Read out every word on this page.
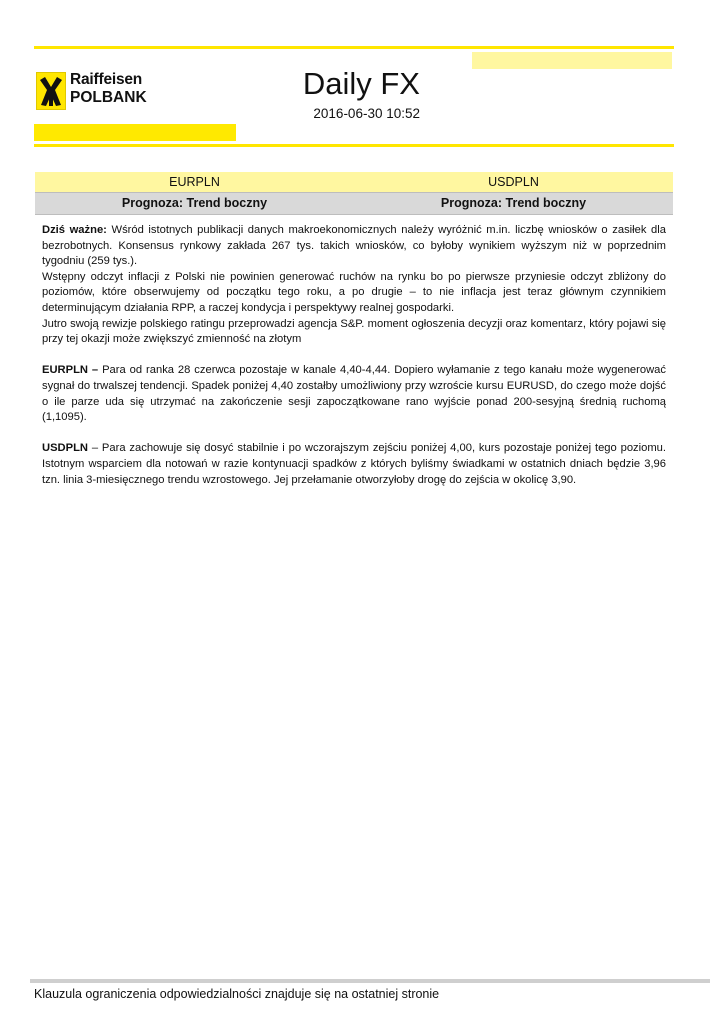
Raiffeisen
POLBANK	Daily FX
2016-06-30 10:52
EURPLN	USDPLN
Prognoza: Trend boczny	Prognoza: Trend boczny

Dziś ważne: Wśród istotnych publikacji danych makroekonomicznych należy wyróżnić m.in. liczbę wniosków o zasiłek dla bezrobotnych. Konsensus rynkowy zakłada 267 tys. takich wniosków, co byłoby wynikiem wyższym niż w poprzednim tygodniu (259 tys.).

Wstępny odczyt inflacji z Polski nie powinien generować ruchów na rynku bo po pierwsze przyniesie odczyt zbliżony do poziomów, które obserwujemy od początku tego roku, a po drugie – to nie inflacja jest teraz głównym czynnikiem determinującym działania RPP, a raczej kondycja i perspektywy realnej gospodarki.

Jutro swoją rewizje polskiego ratingu przeprowadzi agencja S&P. moment ogłoszenia decyzji oraz komentarz, który pojawi się przy tej okazji może zwiększyć zmienność na złotym

EURPLN – Para od ranka 28 czerwca pozostaje w kanale 4,40-4,44. Dopiero wyłamanie z tego kanału może wygenerować sygnał do trwalszej tendencji. Spadek poniżej 4,40 zostałby umożliwiony przy wzroście kursu EURUSD, do czego może dojść o ile parze uda się utrzymać na zakończenie sesji zapoczątkowane rano wyjście ponad 200-sesyjną średnią ruchomą (1,1095).

USDPLN – Para zachowuje się dosyć stabilnie i po wczorajszym zejściu poniżej 4,00, kurs pozostaje poniżej tego poziomu. Istotnym wsparciem dla notowań w razie kontynuacji spadków z których byliśmy świadkami w ostatnich dniach będzie 3,96 tzn. linia 3-miesięcznego trendu wzrostowego. Jej przełamanie otworzyłoby drogę do zejścia w okolicę 3,90.

Klauzula ograniczenia odpowiedzialności znajduje się na ostatniej stronie
